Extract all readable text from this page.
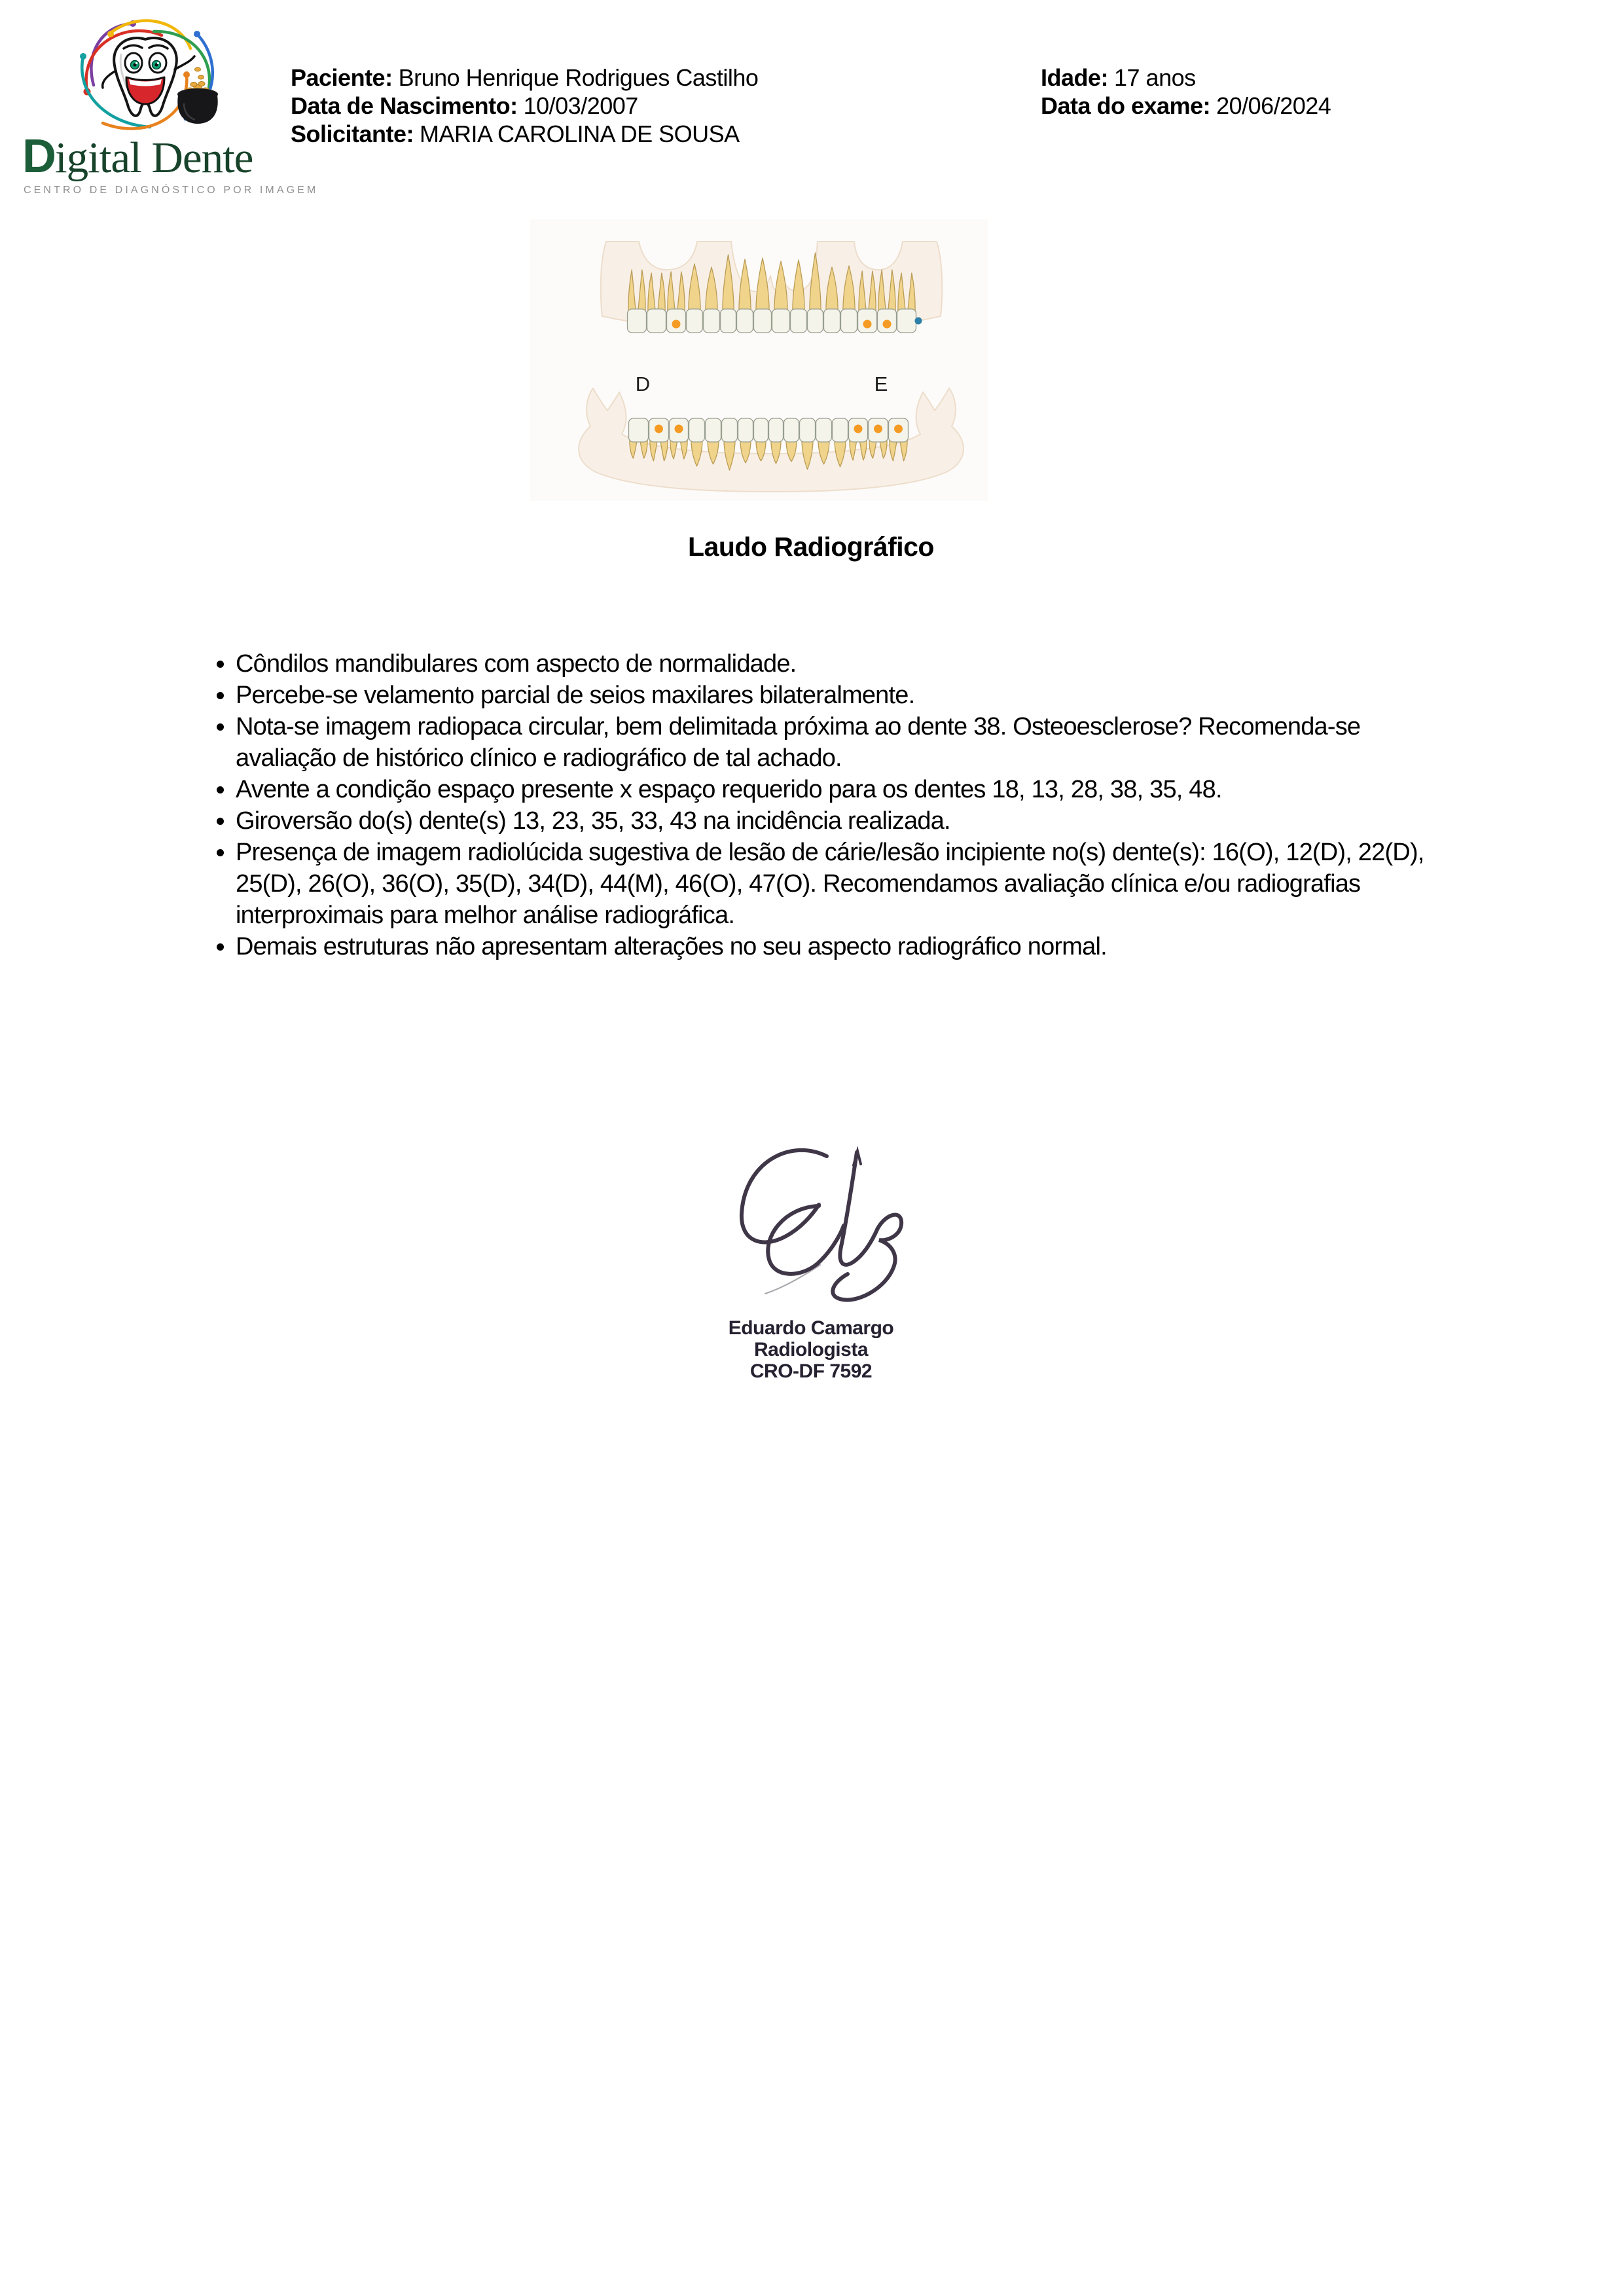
Digital Dente
CENTRO DE DIAGNÓSTICO POR IMAGEM
Paciente: Bruno Henrique Rodrigues Castilho
Data de Nascimento: 10/03/2007
Solicitante: MARIA CAROLINA DE SOUSA
Idade: 17 anos
Data do exame: 20/06/2024
D	E
Laudo Radiográfico
• Côndilos mandibulares com aspecto de normalidade.
• Percebe-se velamento parcial de seios maxilares bilateralmente.
• Nota-se imagem radiopaca circular, bem delimitada próxima ao dente 38. Osteoesclerose? Recomenda-se avaliação de histórico clínico e radiográfico de tal achado.
• Avente a condição espaço presente x espaço requerido para os dentes 18, 13, 28, 38, 35, 48.
• Giroversão do(s) dente(s) 13, 23, 35, 33, 43 na incidência realizada.
• Presença de imagem radiolúcida sugestiva de lesão de cárie/lesão incipiente no(s) dente(s): 16(O), 12(D), 22(D), 25(D), 26(O), 36(O), 35(D), 34(D), 44(M), 46(O), 47(O). Recomendamos avaliação clínica e/ou radiografias interproximais para melhor análise radiográfica.
• Demais estruturas não apresentam alterações no seu aspecto radiográfico normal.
Eduardo Camargo
Radiologista
CRO-DF 7592
